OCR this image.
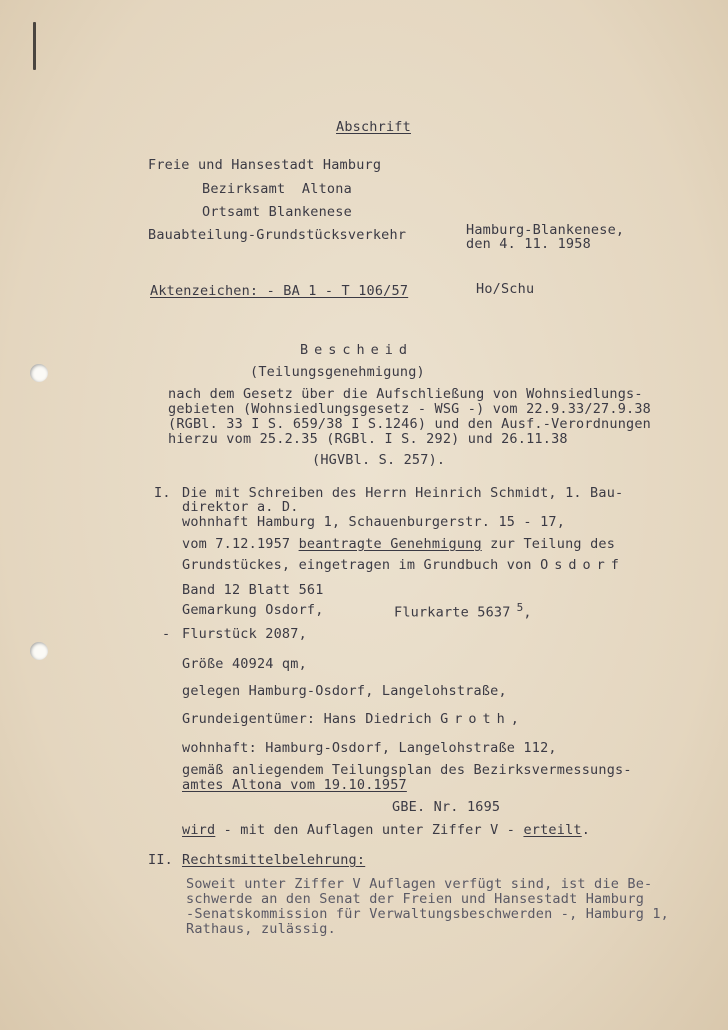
Abschrift
Freie und Hansestadt Hamburg
Bezirksamt  Altona
Ortsamt Blankenese
Bauabteilung-Grundstücksverkehr	Hamburg-Blankenese,
den 4. 11. 1958
Aktenzeichen: - BA 1 - T 106/57	Ho/Schu
Bescheid
(Teilungsgenehmigung)
nach dem Gesetz über die Aufschließung von Wohnsiedlungs-
gebieten (Wohnsiedlungsgesetz - WSG -) vom 22.9.33/27.9.38
(RGBl. 33 I S. 659/38 I S.1246) und den Ausf.-Verordnungen
hierzu vom 25.2.35 (RGBl. I S. 292) und 26.11.38
(HGVBl. S. 257).
I. Die mit Schreiben des Herrn Heinrich Schmidt, 1. Bau-
direktor a. D.
wohnhaft Hamburg 1, Schauenburgerstr. 15 - 17,
vom 7.12.1957 beantragte Genehmigung zur Teilung des
Grundstückes, eingetragen im Grundbuch von Osdorf
Band 12 Blatt 561
Gemarkung Osdorf,	Flurkarte 5637 $^5$,
- Flurstück 2087,
Größe 40924 qm,
gelegen Hamburg-Osdorf, Langelohstraße,
Grundeigentümer: Hans Diedrich Groth,
wohnhaft: Hamburg-Osdorf, Langelohstraße 112,
gemäß anliegendem Teilungsplan des Bezirksvermessungs-
amtes Altona vom 19.10.1957
GBE. Nr. 1695
wird - mit den Auflagen unter Ziffer V - erteilt.
II. Rechtsmittelbelehrung:
Soweit unter Ziffer V Auflagen verfügt sind, ist die Be-
schwerde an den Senat der Freien und Hansestadt Hamburg
-Senatskommission für Verwaltungsbeschwerden -, Hamburg 1,
Rathaus, zulässig.
